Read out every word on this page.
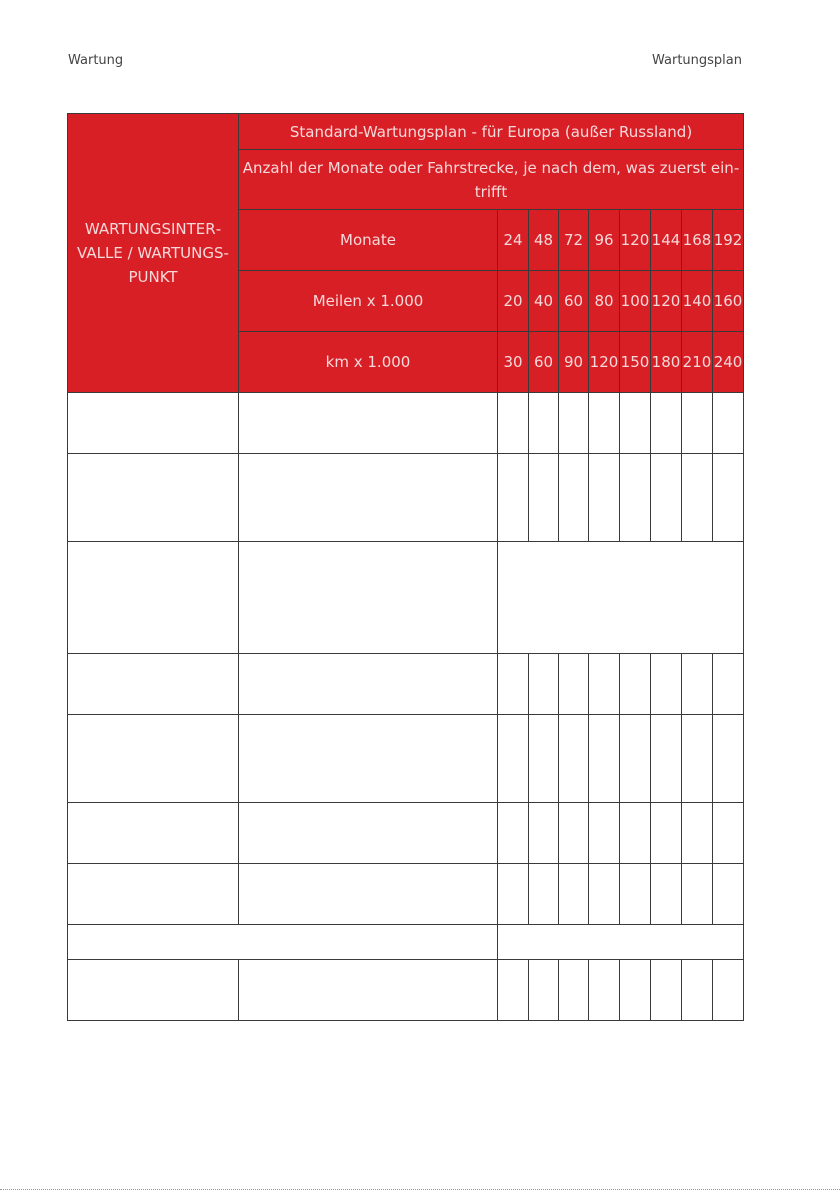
Wartung	Wartungsplan
WARTUNGSINTERVALLE / WARTUNGSPUNKT	Standard-Wartungsplan - für Europa (außer Russland)								
	Anzahl der Monate oder Fahrstrecke, je nach dem, was zuerst eintrifft								
	Monate	24	48	72	96	120	144	168	192
	Meilen x 1.000	20	40	60	80	100	120	140	160
	km x 1.000	30	60	90	120	150	180	210	240
